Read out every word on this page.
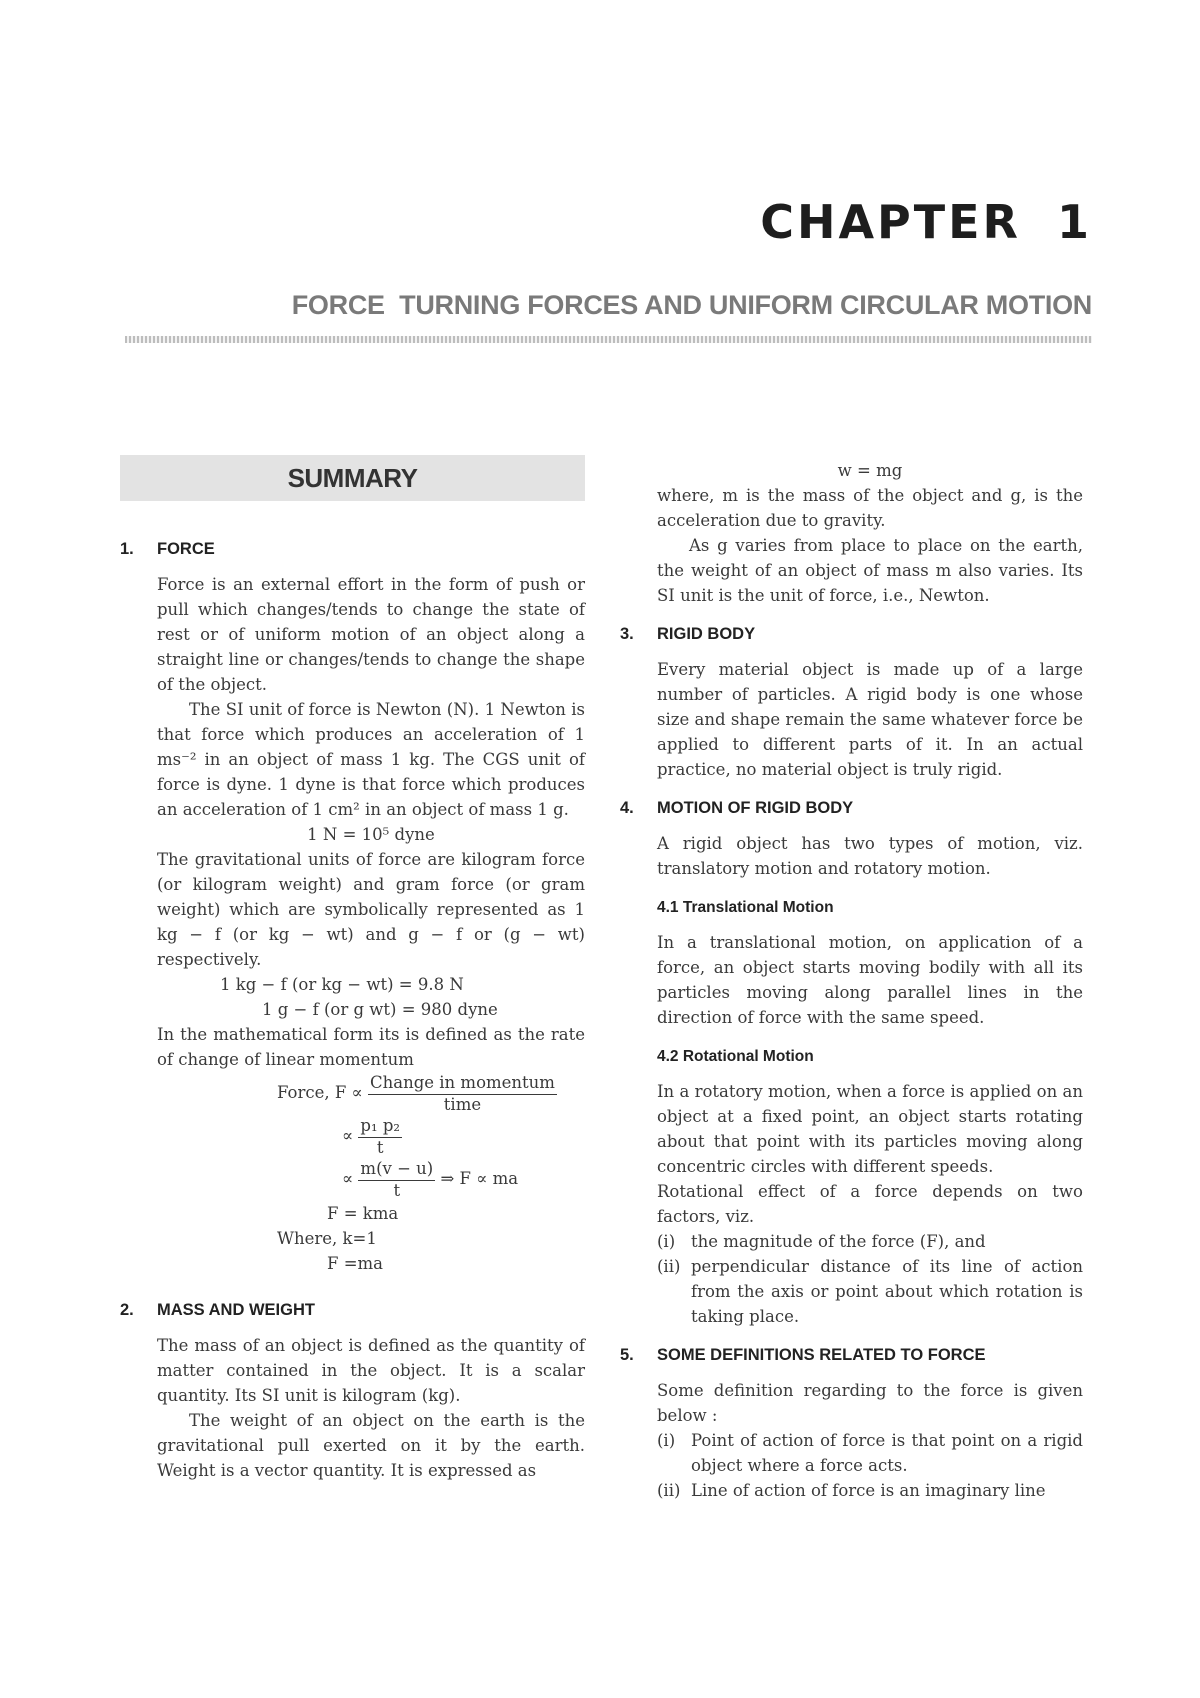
CHAPTER 1
FORCE  TURNING FORCES AND UNIFORM CIRCULAR MOTION
SUMMARY
1.	FORCE

Force is an external effort in the form of push or pull which changes/tends to change the state of rest or of uniform motion of an object along a straight line or changes/tends to change the shape of the object.

The SI unit of force is Newton (N). 1 Newton is that force which produces an acceleration of 1 ms⁻² in an object of mass 1 kg. The CGS unit of force is dyne. 1 dyne is that force which produces an acceleration of 1 cm² in an object of mass 1 g.

1 N = 10⁵ dyne

The gravitational units of force are kilogram force (or kilogram weight) and gram force (or gram weight) which are symbolically represented as 1 kg − f (or kg − wt) and g − f or (g − wt) respectively.

1 kg − f (or kg − wt) = 9.8 N

1 g − f (or g wt) = 980 dyne

In the mathematical form its is defined as the rate of change of linear momentum

Force, $F \propto \frac{\text{Change in momentum}}{\text{time}}$
∝ $\frac{\text{p₁ p₂}}{t}$
∝ $\frac{m(v - u)}{t}$ ⇒ F ∝ ma

F = kma

Where, k=1

F =ma

2.	MASS AND WEIGHT

The mass of an object is defined as the quantity of matter contained in the object. It is a scalar quantity. Its SI unit is kilogram (kg).

The weight of an object on the earth is the gravitational pull exerted on it by the earth. Weight is a vector quantity. It is expressed as

w = mg

where, m is the mass of the object and g, is the acceleration due to gravity.

As g varies from place to place on the earth, the weight of an object of mass m also varies. Its SI unit is the unit of force, i.e., Newton.

3.	RIGID BODY

Every material object is made up of a large number of particles. A rigid body is one whose size and shape remain the same whatever force be applied to different parts of it. In an actual practice, no material object is truly rigid.

4.	MOTION OF RIGID BODY

A rigid object has two types of motion, viz. translatory motion and rotatory motion.

4.1 Translational Motion

In a translational motion, on application of a force, an object starts moving bodily with all its particles moving along parallel lines in the direction of force with the same speed.

4.2 Rotational Motion

In a rotatory motion, when a force is applied on an object at a fixed point, an object starts rotating about that point with its particles moving along concentric circles with different speeds.

Rotational effect of a force depends on two factors, viz.

(i) the magnitude of the force (F), and
(ii) perpendicular distance of its line of action from the axis or point about which rotation is taking place.
5.	SOME DEFINITIONS RELATED TO FORCE

Some definition regarding to the force is given below :

(i) Point of action of force is that point on a rigid object where a force acts.
(ii) Line of action of force is an imaginary line
